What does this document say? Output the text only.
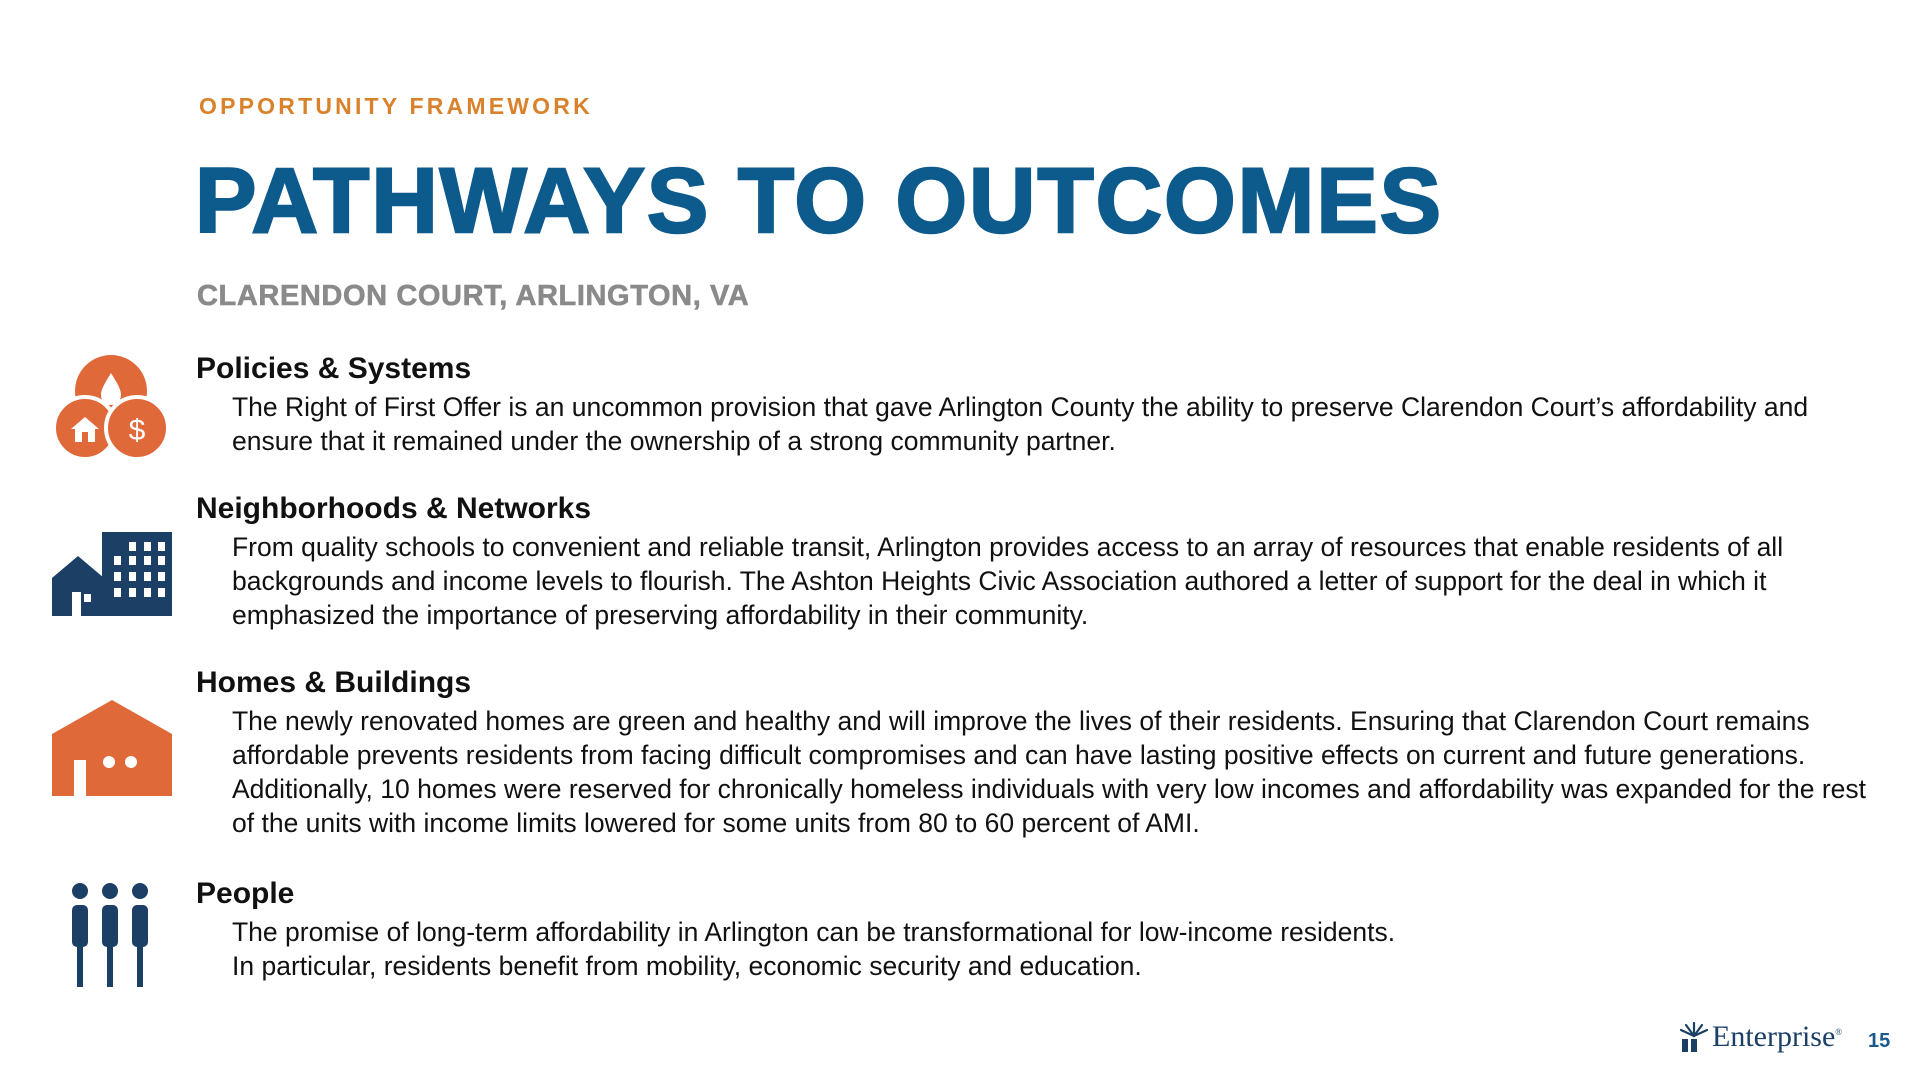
OPPORTUNITY FRAMEWORK
PATHWAYS TO OUTCOMES
CLARENDON COURT, ARLINGTON, VA
$
Policies & Systems

The Right of First Offer is an uncommon provision that gave Arlington County the ability to preserve Clarendon Court’s affordability and ensure that it remained under the ownership of a strong community partner.

Neighborhoods & Networks

From quality schools to convenient and reliable transit, Arlington provides access to an array of resources that enable residents of all backgrounds and income levels to flourish. The Ashton Heights Civic Association authored a letter of support for the deal in which it emphasized the importance of preserving affordability in their community.

Homes & Buildings

The newly renovated homes are green and healthy and will improve the lives of their residents. Ensuring that Clarendon Court remains affordable prevents residents from facing difficult compromises and can have lasting positive effects on current and future generations. Additionally, 10 homes were reserved for chronically homeless individuals with very low incomes and affordability was expanded for the rest of the units with income limits lowered for some units from 80 to 60 percent of AMI.

People

The promise of long-term affordability in Arlington can be transformational for low-income residents.

In particular, residents benefit from mobility, economic security and education.

Enterprise® 15
